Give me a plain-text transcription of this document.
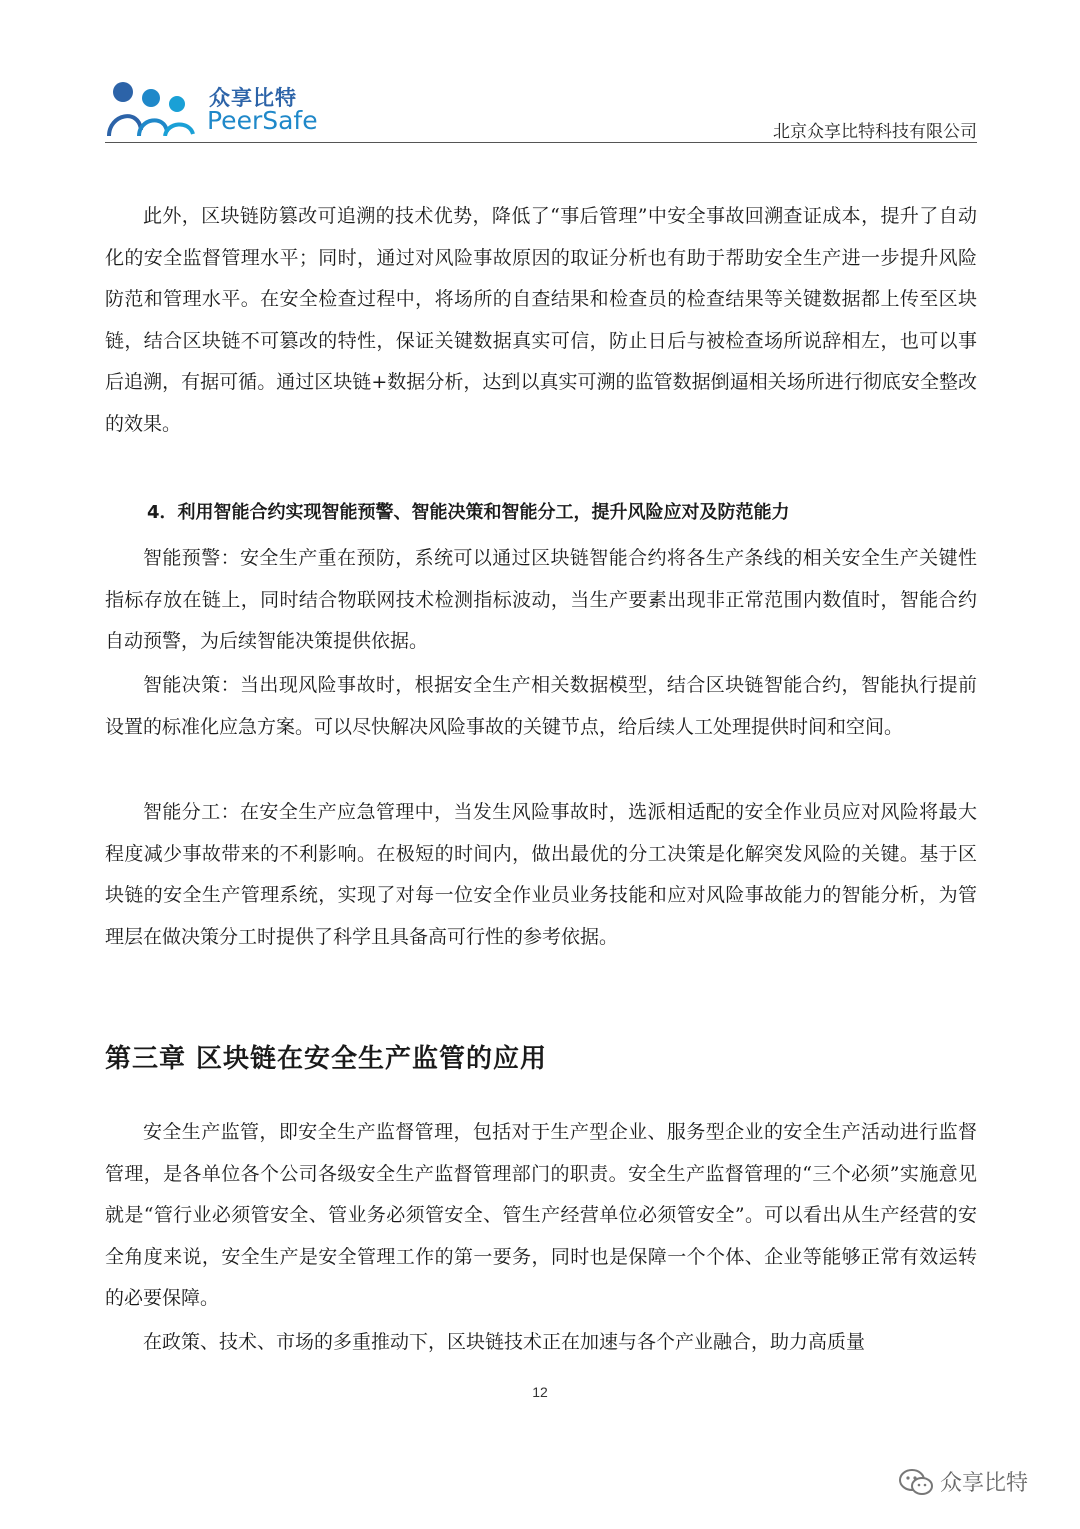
众享比特
PeerSafe	北京众享比特科技有限公司

此外，区块链防篡改可追溯的技术优势，降低了“事后管理”中安全事故回溯查证成本，提升了自动化的安全监督管理水平；同时，通过对风险事故原因的取证分析也有助于帮助安全生产进一步提升风险防范和管理水平。在安全检查过程中，将场所的自查结果和检查员的检查结果等关键数据都上传至区块链，结合区块链不可篡改的特性，保证关键数据真实可信，防止日后与被检查场所说辞相左，也可以事后追溯，有据可循。通过区块链+数据分析，达到以真实可溯的监管数据倒逼相关场所进行彻底安全整改的效果。

4．利用智能合约实现智能预警、智能决策和智能分工，提升风险应对及防范能力

智能预警：安全生产重在预防，系统可以通过区块链智能合约将各生产条线的相关安全生产关键性指标存放在链上，同时结合物联网技术检测指标波动，当生产要素出现非正常范围内数值时，智能合约自动预警，为后续智能决策提供依据。

智能决策：当出现风险事故时，根据安全生产相关数据模型，结合区块链智能合约，智能执行提前设置的标准化应急方案。可以尽快解决风险事故的关键节点，给后续人工处理提供时间和空间。

智能分工：在安全生产应急管理中，当发生风险事故时，选派相适配的安全作业员应对风险将最大程度减少事故带来的不利影响。在极短的时间内，做出最优的分工决策是化解突发风险的关键。基于区块链的安全生产管理系统，实现了对每一位安全作业员业务技能和应对风险事故能力的智能分析，为管理层在做决策分工时提供了科学且具备高可行性的参考依据。

第三章 区块链在安全生产监管的应用

安全生产监管，即安全生产监督管理，包括对于生产型企业、服务型企业的安全生产活动进行监督管理，是各单位各个公司各级安全生产监督管理部门的职责。安全生产监督管理的“三个必须”实施意见就是“管行业必须管安全、管业务必须管安全、管生产经营单位必须管安全”。可以看出从生产经营的安全角度来说，安全生产是安全管理工作的第一要务，同时也是保障一个个体、企业等能够正常有效运转的必要保障。

在政策、技术、市场的多重推动下，区块链技术正在加速与各个产业融合，助力高质量

12
众享比特
